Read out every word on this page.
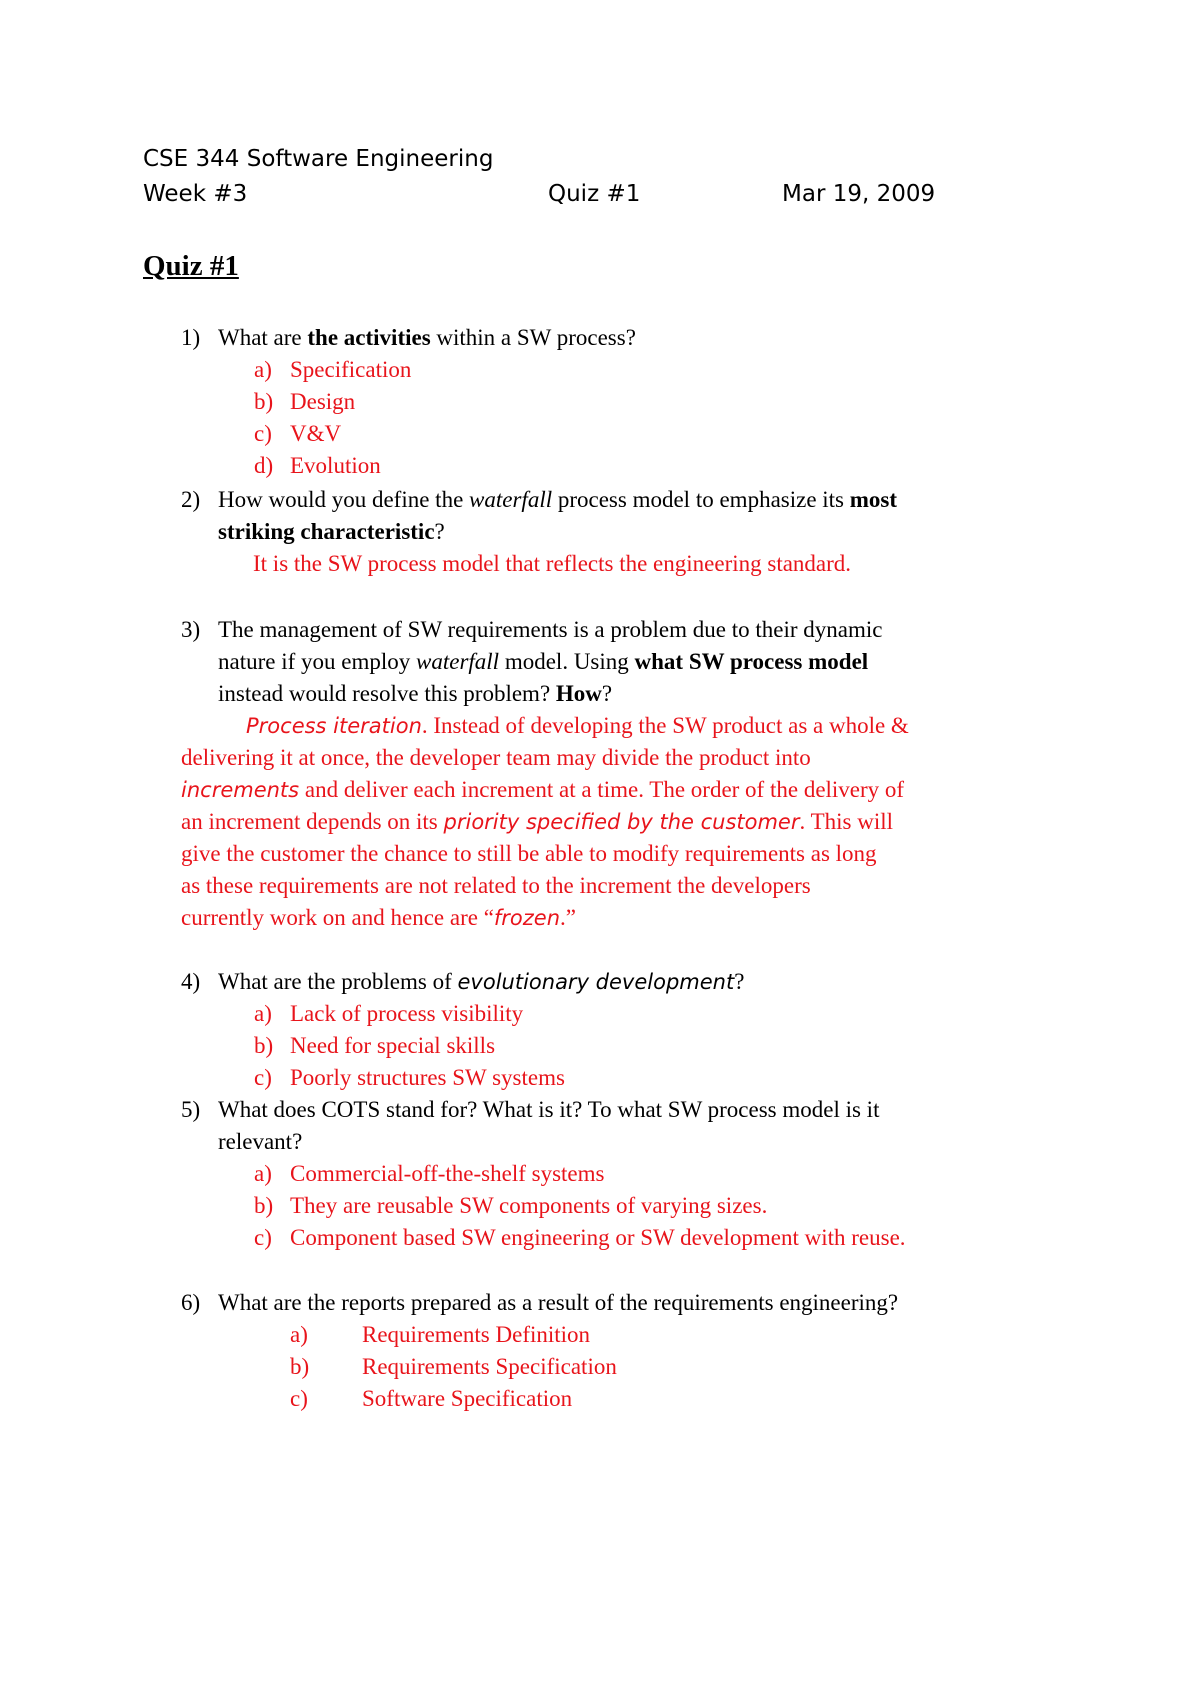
CSE 344 Software Engineering
Week #3	Quiz #1	Mar 19, 2009
Quiz #1
1) What are the activities within a SW process?
a) Specification
b) Design
c) V&V
d) Evolution
2) How would you define the waterfall process model to emphasize its most
striking characteristic?
It is the SW process model that reflects the engineering standard.
3) The management of SW requirements is a problem due to their dynamic
nature if you employ waterfall model. Using what SW process model
instead would resolve this problem? How?
Process iteration. Instead of developing the SW product as a whole &
delivering it at once, the developer team may divide the product into
increments and deliver each increment at a time. The order of the delivery of
an increment depends on its priority specified by the customer. This will
give the customer the chance to still be able to modify requirements as long
as these requirements are not related to the increment the developers
currently work on and hence are “frozen.”
4) What are the problems of evolutionary development?
a) Lack of process visibility
b) Need for special skills
c) Poorly structures SW systems
5) What does COTS stand for? What is it? To what SW process model is it
relevant?
a) Commercial-off-the-shelf systems
b) They are reusable SW components of varying sizes.
c) Component based SW engineering or SW development with reuse.
6) What are the reports prepared as a result of the requirements engineering?
a) Requirements Definition
b) Requirements Specification
c) Software Specification
